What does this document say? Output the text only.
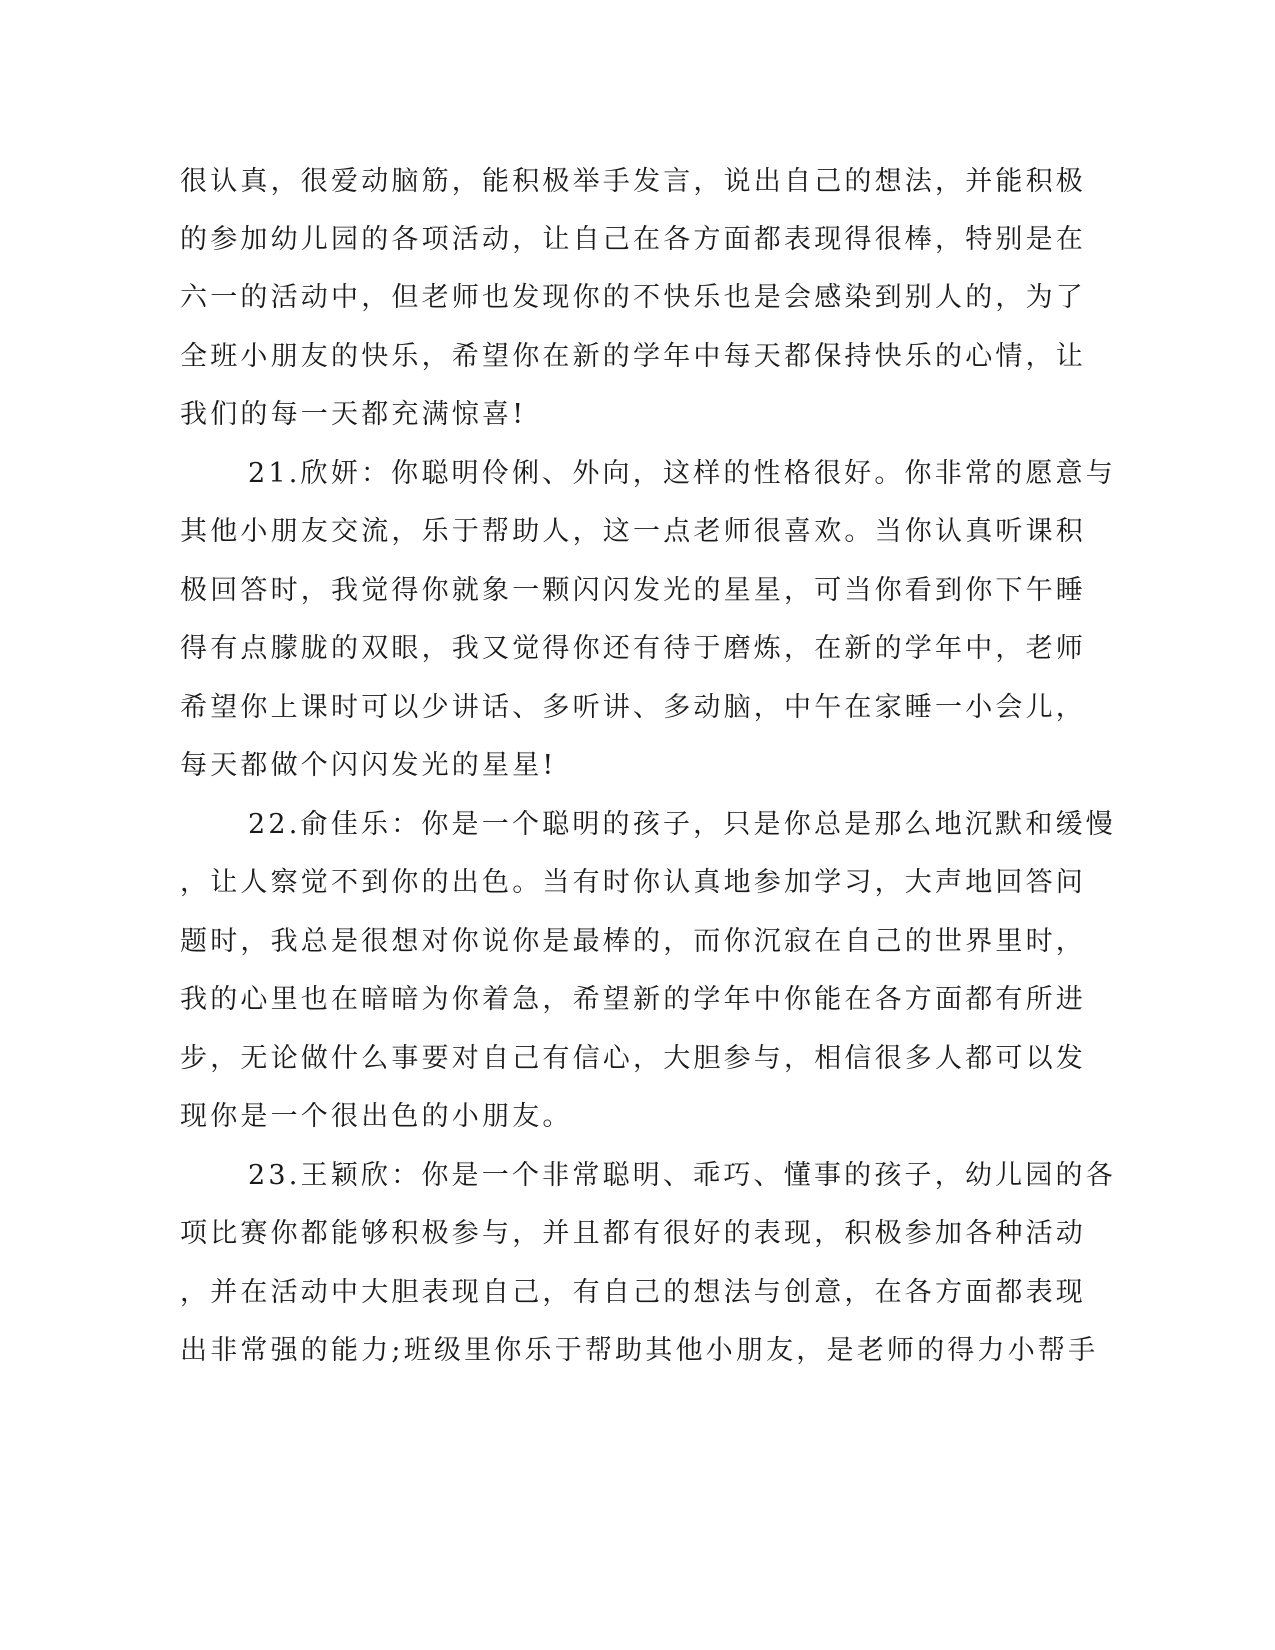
很认真，很爱动脑筋，能积极举手发言，说出自己的想法，并能积极
的参加幼儿园的各项活动，让自己在各方面都表现得很棒，特别是在
六一的活动中，但老师也发现你的不快乐也是会感染到别人的，为了
全班小朋友的快乐，希望你在新的学年中每天都保持快乐的心情，让
我们的每一天都充满惊喜!
21.欣妍：你聪明伶俐、外向，这样的性格很好。你非常的愿意与
其他小朋友交流，乐于帮助人，这一点老师很喜欢。当你认真听课积
极回答时，我觉得你就象一颗闪闪发光的星星，可当你看到你下午睡
得有点朦胧的双眼，我又觉得你还有待于磨炼，在新的学年中，老师
希望你上课时可以少讲话、多听讲、多动脑，中午在家睡一小会儿，
每天都做个闪闪发光的星星!
22.俞佳乐：你是一个聪明的孩子，只是你总是那么地沉默和缓慢
，让人察觉不到你的出色。当有时你认真地参加学习，大声地回答问
题时，我总是很想对你说你是最棒的，而你沉寂在自己的世界里时，
我的心里也在暗暗为你着急，希望新的学年中你能在各方面都有所进
步，无论做什么事要对自己有信心，大胆参与，相信很多人都可以发
现你是一个很出色的小朋友。
23.王颖欣：你是一个非常聪明、乖巧、懂事的孩子，幼儿园的各
项比赛你都能够积极参与，并且都有很好的表现，积极参加各种活动
，并在活动中大胆表现自己，有自己的想法与创意，在各方面都表现
出非常强的能力;班级里你乐于帮助其他小朋友，是老师的得力小帮手
